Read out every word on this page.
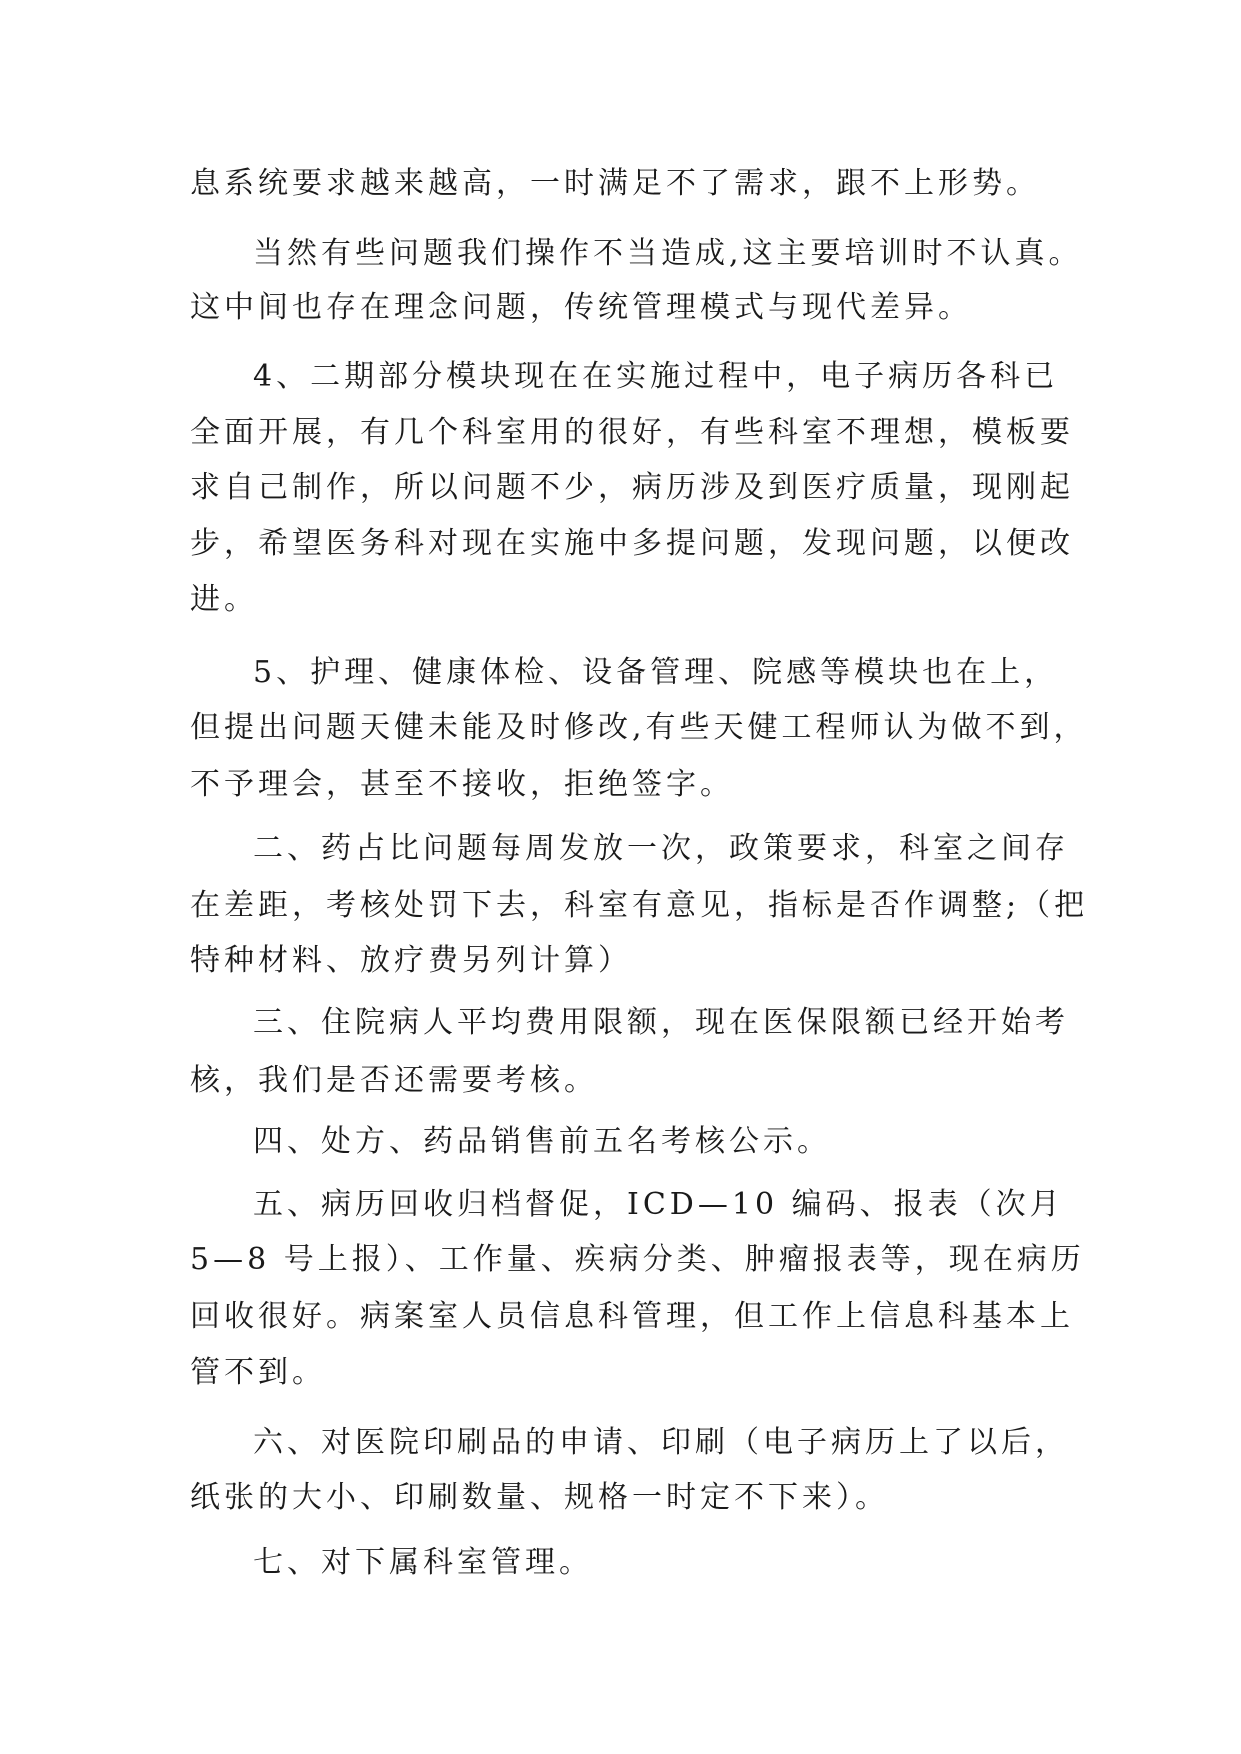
息系统要求越来越高，一时满足不了需求，跟不上形势。
当然有些问题我们操作不当造成,这主要培训时不认真。
这中间也存在理念问题，传统管理模式与现代差异。
4、二期部分模块现在在实施过程中，电子病历各科已
全面开展，有几个科室用的很好，有些科室不理想，模板要
求自己制作，所以问题不少，病历涉及到医疗质量，现刚起
步，希望医务科对现在实施中多提问题，发现问题，以便改
进。
5、护理、健康体检、设备管理、院感等模块也在上，
但提出问题天健未能及时修改,有些天健工程师认为做不到，
不予理会，甚至不接收，拒绝签字。
二、药占比问题每周发放一次，政策要求，科室之间存
在差距，考核处罚下去，科室有意见，指标是否作调整;（把
特种材料、放疗费另列计算）
三、住院病人平均费用限额，现在医保限额已经开始考
核，我们是否还需要考核。
四、处方、药品销售前五名考核公示。
五、病历回收归档督促，ICD—10 编码、报表（次月
5—8 号上报）、工作量、疾病分类、肿瘤报表等，现在病历
回收很好。病案室人员信息科管理，但工作上信息科基本上
管不到。
六、对医院印刷品的申请、印刷（电子病历上了以后，
纸张的大小、印刷数量、规格一时定不下来）。
七、对下属科室管理。
